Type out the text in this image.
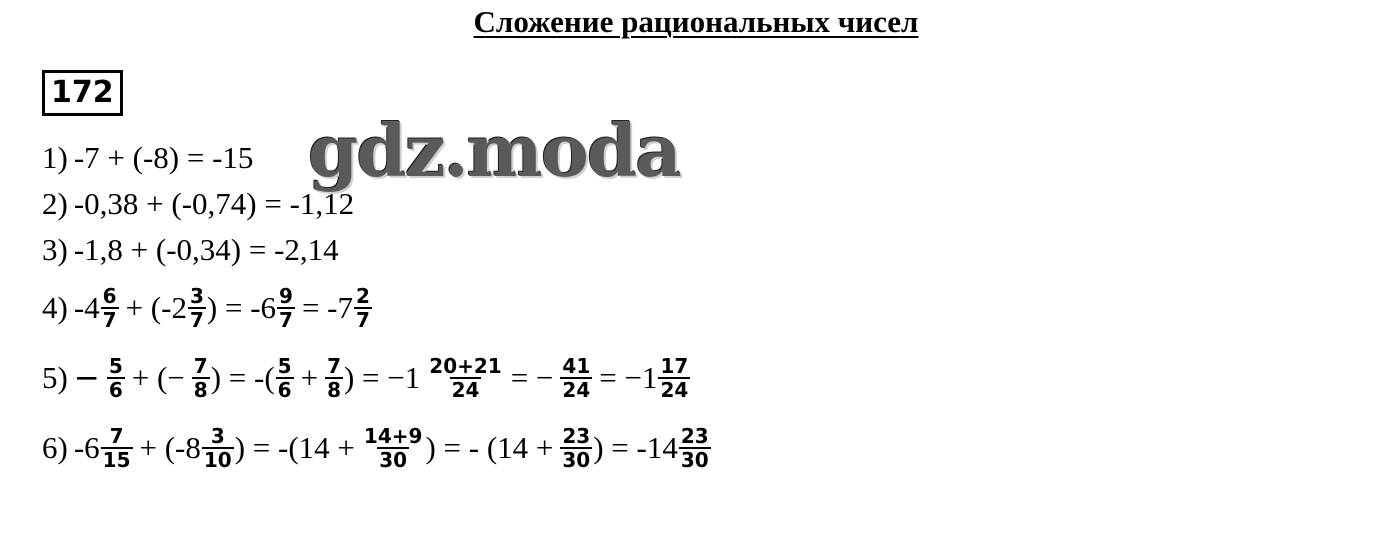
Сложение рациональных чисел
172
1) -7 + (-8) = -15
2) -0,38 + (-0,74) = -1,12
3) -1,8 + (-0,34) = -2,14
4) $-4 \frac{6}{7} + (-2 \frac{3}{7}$ ) = $-6 \frac{9}{7} = -7 \frac{2}{7}$
$5) - \frac{5}{6}$ + (− $\frac{7}{8}$ ) = -( $\frac{5}{6} + \frac{7}{8}$ ) = $-1 \frac{20+21}{24}$ = − $\frac{41}{24} = -1 \frac{17}{24}$
6) $-6 \frac{7}{15} + (-8 \frac{3}{10}$ ) = $-(14 + \frac{14+9}{30}$ ) = - ($14 + \frac{23}{30}$ ) = $-14 \frac{23}{30}$
gdz.moda
